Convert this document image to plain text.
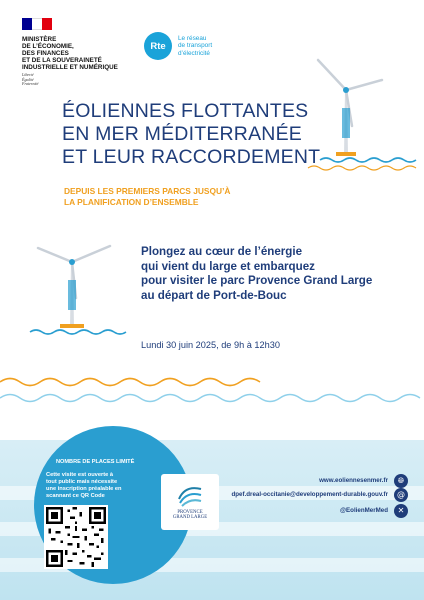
MINISTÈRE
DE L’ÉCONOMIE,
DES FINANCES
ET DE LA SOUVERAINETÉ
INDUSTRIELLE ET NUMÉRIQUE
Liberté
Égalité
Fraternité
Rte
Le réseau
de transport
d’électricité
ÉOLIENNES FLOTTANTES
EN MER MÉDITERRANÉE
ET LEUR RACCORDEMENT
DEPUIS LES PREMIERS PARCS JUSQU’À
LA PLANIFICATION D’ENSEMBLE
Plongez au cœur de l’énergie
qui vient du large et embarquez
pour visiter le parc Provence Grand Large
au départ de Port-de-Bouc
Lundi 30 juin 2025, de 9h à 12h30
NOMBRE DE PLACES LIMITÉ
Cette visite est ouverte à
tout public mais nécessite
une inscription préalable en
scannant ce QR Code
PROVENCE
GRAND LARGE
www.eoliennesenmer.fr	🌐︎
dpef.dreal-occitanie@developpement-durable.gouv.fr	@
@EolienMerMed	✕
